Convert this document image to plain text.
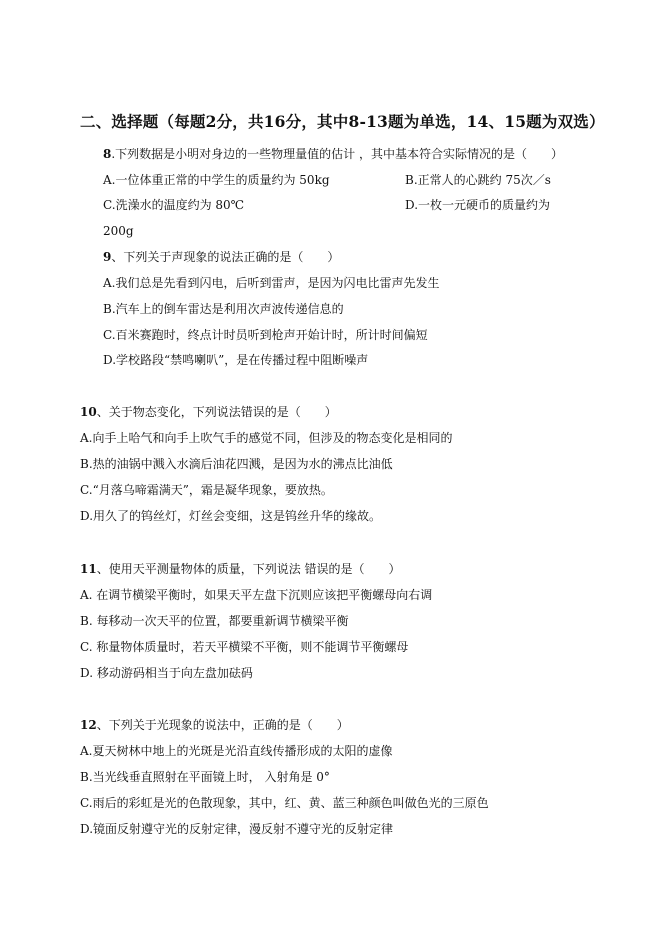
二、选择题（每题2分，共16分，其中8-13题为单选，14、15题为双选）
8.下列数据是小明对身边的一些物理量值的估计 ，其中基本符合实际情况的是（　　）
A.一位体重正常的中学生的质量约为 50kg	B.正常人的心跳约 75次／s
C.洗澡水的温度约为 80℃	D.一枚一元硬币的质量约为
200g
9、下列关于声现象的说法正确的是（　　）
A.我们总是先看到闪电，后听到雷声，是因为闪电比雷声先发生
B.汽车上的倒车雷达是利用次声波传递信息的
C.百米赛跑时，终点计时员听到枪声开始计时，所计时间偏短
D.学校路段“禁鸣喇叭”，是在传播过程中阻断噪声
10、关于物态变化，下列说法错误的是（　　）
A.向手上哈气和向手上吹气手的感觉不同，但涉及的物态变化是相同的
B.热的油锅中溅入水滴后油花四溅，是因为水的沸点比油低
C.“月落乌啼霜满天”，霜是凝华现象，要放热。
D.用久了的钨丝灯，灯丝会变细，这是钨丝升华的缘故。
11、使用天平测量物体的质量，下列说法 错误的是（　　）
A. 在调节横梁平衡时，如果天平左盘下沉则应该把平衡螺母向右调
B. 每移动一次天平的位置，都要重新调节横梁平衡
C. 称量物体质量时，若天平横梁不平衡，则不能调节平衡螺母
D. 移动游码相当于向左盘加砝码
12、下列关于光现象的说法中，正确的是（　　）
A.夏天树林中地上的光斑是光沿直线传播形成的太阳的虚像
B.当光线垂直照射在平面镜上时， 入射角是 0°
C.雨后的彩虹是光的色散现象，其中，红、黄、蓝三种颜色叫做色光的三原色
D.镜面反射遵守光的反射定律，漫反射不遵守光的反射定律
